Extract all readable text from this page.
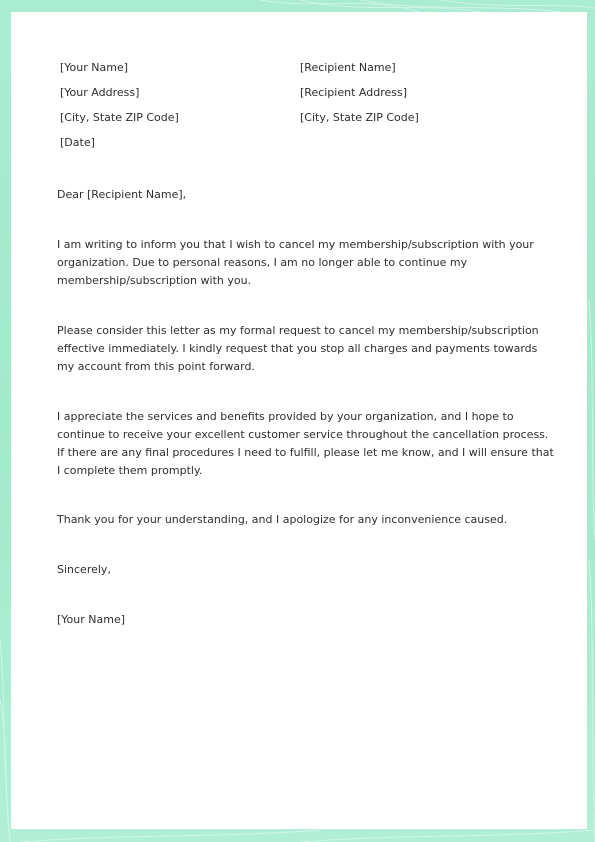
[Your Name]
[Your Address]
[City, State ZIP Code]
[Date]
[Recipient Name]
[Recipient Address]
[City, State ZIP Code]
Dear [Recipient Name],
I am writing to inform you that I wish to cancel my membership/subscription with your
organization. Due to personal reasons, I am no longer able to continue my
membership/subscription with you.
Please consider this letter as my formal request to cancel my membership/subscription
effective immediately. I kindly request that you stop all charges and payments towards
my account from this point forward.
I appreciate the services and benefits provided by your organization, and I hope to
continue to receive your excellent customer service throughout the cancellation process.
If there are any final procedures I need to fulfill, please let me know, and I will ensure that
I complete them promptly.
Thank you for your understanding, and I apologize for any inconvenience caused.
Sincerely,
[Your Name]
